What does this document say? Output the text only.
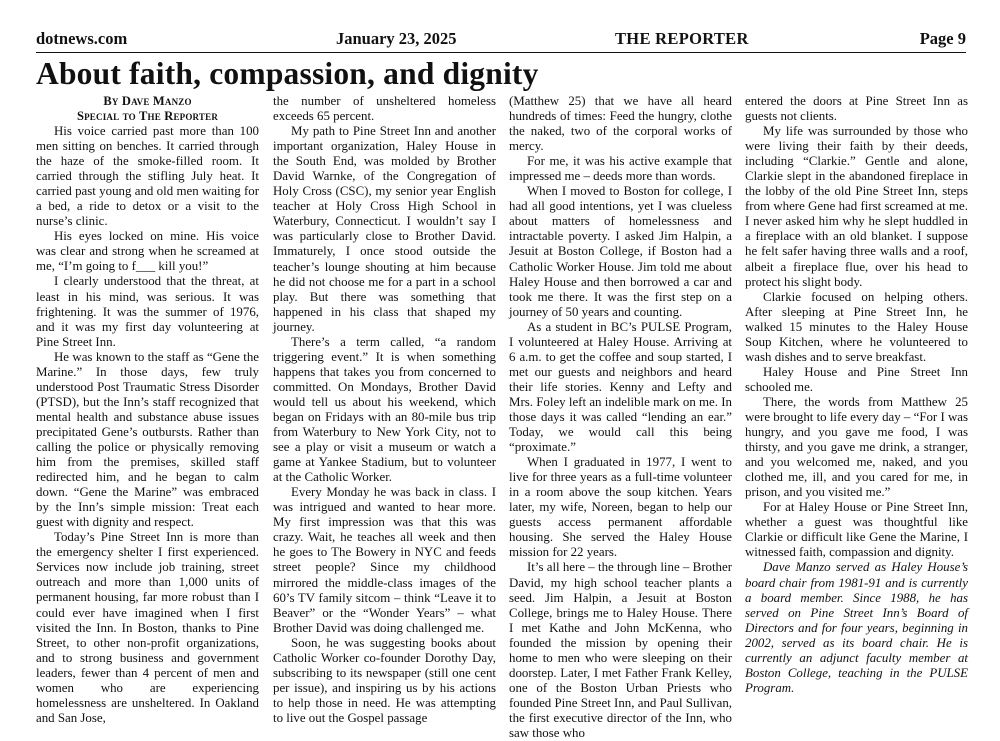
dotnews.com	January 23, 2025	THE REPORTER	Page 9
About faith, compassion, and dignity
By Dave Manzo
Special to The Reporter

His voice carried past more than 100 men sitting on benches. It carried through the haze of the smoke-filled room. It carried through the stifling July heat. It carried past young and old men waiting for a bed, a ride to detox or a visit to the nurse’s clinic.

His eyes locked on mine. His voice was clear and strong when he screamed at me, “I’m going to f___ kill you!”

I clearly understood that the threat, at least in his mind, was serious. It was frightening. It was the summer of 1976, and it was my first day volunteering at Pine Street Inn.

He was known to the staff as “Gene the Marine.” In those days, few truly understood Post Traumatic Stress Disorder (PTSD), but the Inn’s staff recognized that mental health and substance abuse issues precipitated Gene’s outbursts. Rather than calling the police or physically removing him from the premises, skilled staff redirected him, and he began to calm down. “Gene the Marine” was embraced by the Inn’s simple mission: Treat each guest with dignity and respect.

Today’s Pine Street Inn is more than the emergency shelter I first experienced. Services now include job training, street outreach and more than 1,000 units of permanent housing, far more robust than I could ever have imagined when I first visited the Inn. In Boston, thanks to Pine Street, to other non-profit organizations, and to strong business and government leaders, fewer than 4 percent of men and women who are experiencing homelessness are unsheltered. In Oakland and San Jose,

the number of unsheltered homeless exceeds 65 percent.

My path to Pine Street Inn and another important organization, Haley House in the South End, was molded by Brother David Warnke, of the Congregation of Holy Cross (CSC), my senior year English teacher at Holy Cross High School in Waterbury, Connecticut. I wouldn’t say I was particularly close to Brother David. Immaturely, I once stood outside the teacher’s lounge shouting at him because he did not choose me for a part in a school play. But there was something that happened in his class that shaped my journey.

There’s a term called, “a random triggering event.” It is when something happens that takes you from concerned to committed. On Mondays, Brother David would tell us about his weekend, which began on Fridays with an 80-mile bus trip from Waterbury to New York City, not to see a play or visit a museum or watch a game at Yankee Stadium, but to volunteer at the Catholic Worker.

Every Monday he was back in class. I was intrigued and wanted to hear more. My first impression was that this was crazy. Wait, he teaches all week and then he goes to The Bowery in NYC and feeds street people? Since my childhood mirrored the middle-class images of the 60’s TV family sitcom – think “Leave it to Beaver” or the “Wonder Years” – what Brother David was doing challenged me.

Soon, he was suggesting books about Catholic Worker co-founder Dorothy Day, subscribing to its newspaper (still one cent per issue), and inspiring us by his actions to help those in need. He was attempting to live out the Gospel passage

(Matthew 25) that we have all heard hundreds of times: Feed the hungry, clothe the naked, two of the corporal works of mercy.

For me, it was his active example that impressed me – deeds more than words.

When I moved to Boston for college, I had all good intentions, yet I was clueless about matters of homelessness and intractable poverty. I asked Jim Halpin, a Jesuit at Boston College, if Boston had a Catholic Worker House. Jim told me about Haley House and then borrowed a car and took me there. It was the first step on a journey of 50 years and counting.

As a student in BC’s PULSE Program, I volunteered at Haley House. Arriving at 6 a.m. to get the coffee and soup started, I met our guests and neighbors and heard their life stories. Kenny and Lefty and Mrs. Foley left an indelible mark on me. In those days it was called “lending an ear.” Today, we would call this being “proximate.”

When I graduated in 1977, I went to live for three years as a full-time volunteer in a room above the soup kitchen. Years later, my wife, Noreen, began to help our guests access permanent affordable housing. She served the Haley House mission for 22 years.

It’s all here – the through line – Brother David, my high school teacher plants a seed. Jim Halpin, a Jesuit at Boston College, brings me to Haley House. There I met Kathe and John McKenna, who founded the mission by opening their home to men who were sleeping on their doorstep. Later, I met Father Frank Kelley, one of the Boston Urban Priests who founded Pine Street Inn, and Paul Sullivan, the first executive director of the Inn, who saw those who

entered the doors at Pine Street Inn as guests not clients.

My life was surrounded by those who were living their faith by their deeds, including “Clarkie.” Gentle and alone, Clarkie slept in the abandoned fireplace in the lobby of the old Pine Street Inn, steps from where Gene had first screamed at me. I never asked him why he slept huddled in a fireplace with an old blanket. I suppose he felt safer having three walls and a roof, albeit a fireplace flue, over his head to protect his slight body.

Clarkie focused on helping others. After sleeping at Pine Street Inn, he walked 15 minutes to the Haley House Soup Kitchen, where he volunteered to wash dishes and to serve breakfast.

Haley House and Pine Street Inn schooled me.

There, the words from Matthew 25 were brought to life every day – “For I was hungry, and you gave me food, I was thirsty, and you gave me drink, a stranger, and you welcomed me, naked, and you clothed me, ill, and you cared for me, in prison, and you visited me.”

For at Haley House or Pine Street Inn, whether a guest was thoughtful like Clarkie or difficult like Gene the Marine, I witnessed faith, compassion and dignity.

Dave Manzo served as Haley House’s board chair from 1981-91 and is currently a board member. Since 1988, he has served on Pine Street Inn’s Board of Directors and for four years, beginning in 2002, served as its board chair. He is currently an adjunct faculty member at Boston College, teaching in the PULSE Program.
